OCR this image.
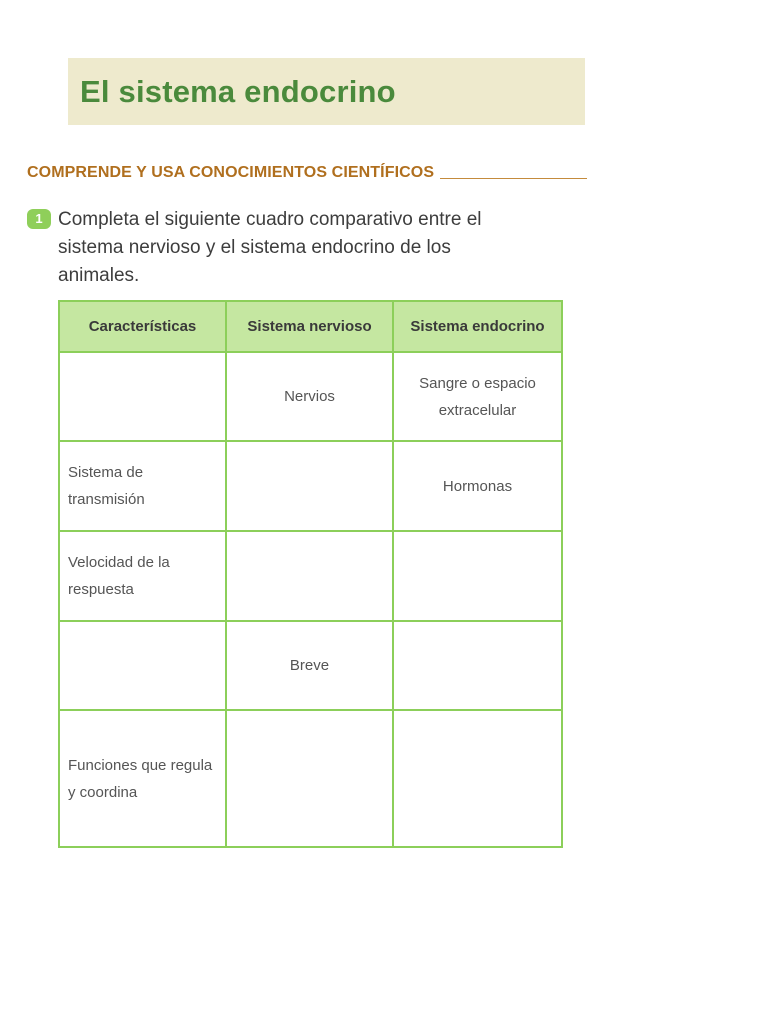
El sistema endocrino
COMPRENDE Y USA CONOCIMIENTOS CIENTÍFICOS
1 Completa el siguiente cuadro comparativo entre el sistema nervioso y el sistema endocrino de los animales.

Características	Sistema nervioso	Sistema endocrino
	Nervios	Sangre o espacio extracelular
Sistema de transmisión		Hormonas
Velocidad de la respuesta		
	Breve	
Funciones que regula y coordina		
